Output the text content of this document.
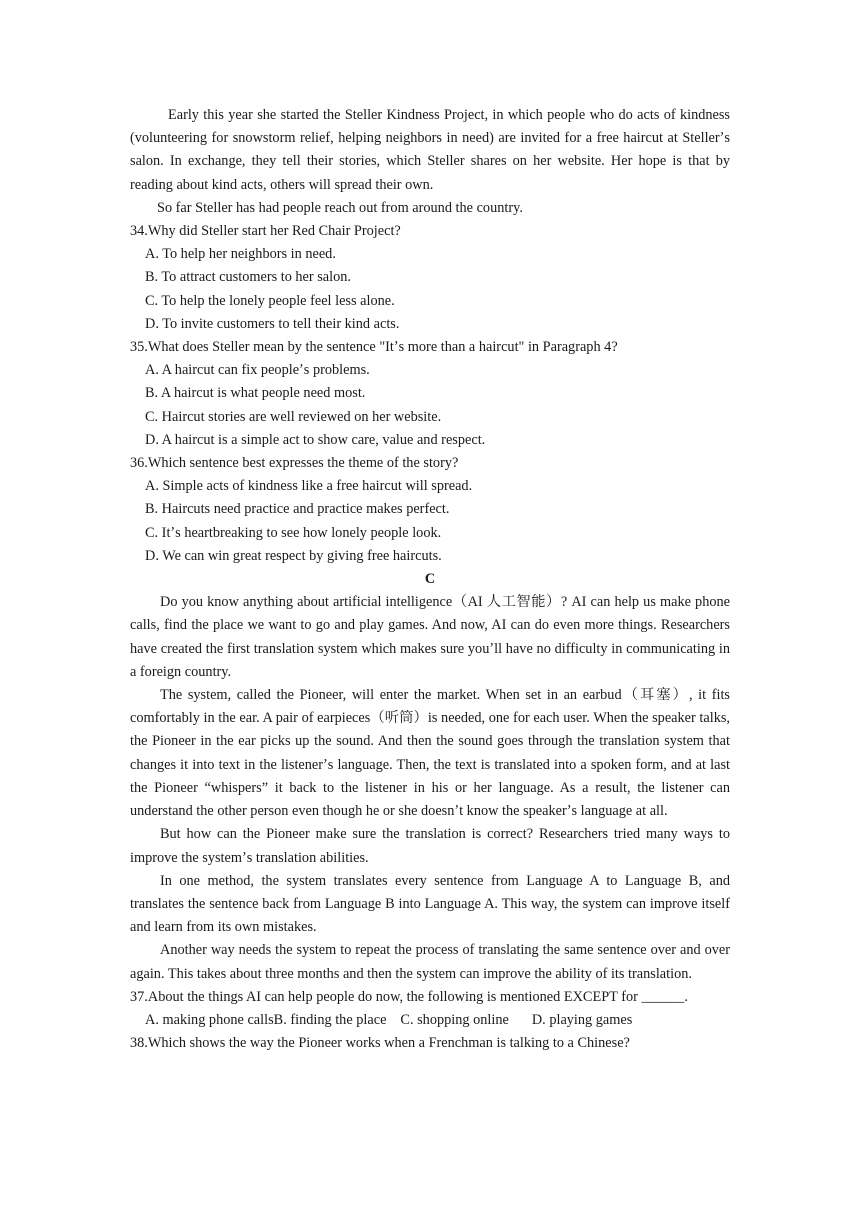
Early this year she started the Steller Kindness Project, in which people who do acts of kindness (volunteering for snowstorm relief, helping neighbors in need) are invited for a free haircut at Stellerʼs salon. In exchange, they tell their stories, which Steller shares on her website. Her hope is that by reading about kind acts, others will spread their own.

So far Steller has had people reach out from around the country.

34.Why did Steller start her Red Chair Project?

A. To help her neighbors in need.

B. To attract customers to her salon.

C. To help the lonely people feel less alone.

D. To invite customers to tell their kind acts.

35.What does Steller mean by the sentence "Itʼs more than a haircut" in Paragraph 4?

A. A haircut can fix peopleʼs problems.

B. A haircut is what people need most.

C. Haircut stories are well reviewed on her website.

D. A haircut is a simple act to show care, value and respect.

36.Which sentence best expresses the theme of the story?

A. Simple acts of kindness like a free haircut will spread.

B. Haircuts need practice and practice makes perfect.

C. Itʼs heartbreaking to see how lonely people look.

D. We can win great respect by giving free haircuts.

C

Do you know anything about artificial intelligence（AI 人工智能）? AI can help us make phone calls, find the place we want to go and play games. And now, AI can do even more things. Researchers have created the first translation system which makes sure youʼll have no difficulty in communicating in a foreign country.

The system, called the Pioneer, will enter the market. When set in an earbud（耳塞）, it fits comfortably in the ear. A pair of earpieces（听筒）is needed, one for each user. When the speaker talks, the Pioneer in the ear picks up the sound. And then the sound goes through the translation system that changes it into text in the listenerʼs language. Then, the text is translated into a spoken form, and at last the Pioneer “whispers” it back to the listener in his or her language. As a result, the listener can understand the other person even though he or she doesnʼt know the speakerʼs language at all.

But how can the Pioneer make sure the translation is correct? Researchers tried many ways to improve the systemʼs translation abilities.

In one method, the system translates every sentence from Language A to Language B, and translates the sentence back from Language B into Language A. This way, the system can improve itself and learn from its own mistakes.

Another way needs the system to repeat the process of translating the same sentence over and over again. This takes about three months and then the system can improve the ability of its translation.

37.About the things AI can help people do now, the following is mentioned EXCEPT for ______.

A. making phone callsB. finding the place C. shopping online D. playing games

38.Which shows the way the Pioneer works when a Frenchman is talking to a Chinese?
